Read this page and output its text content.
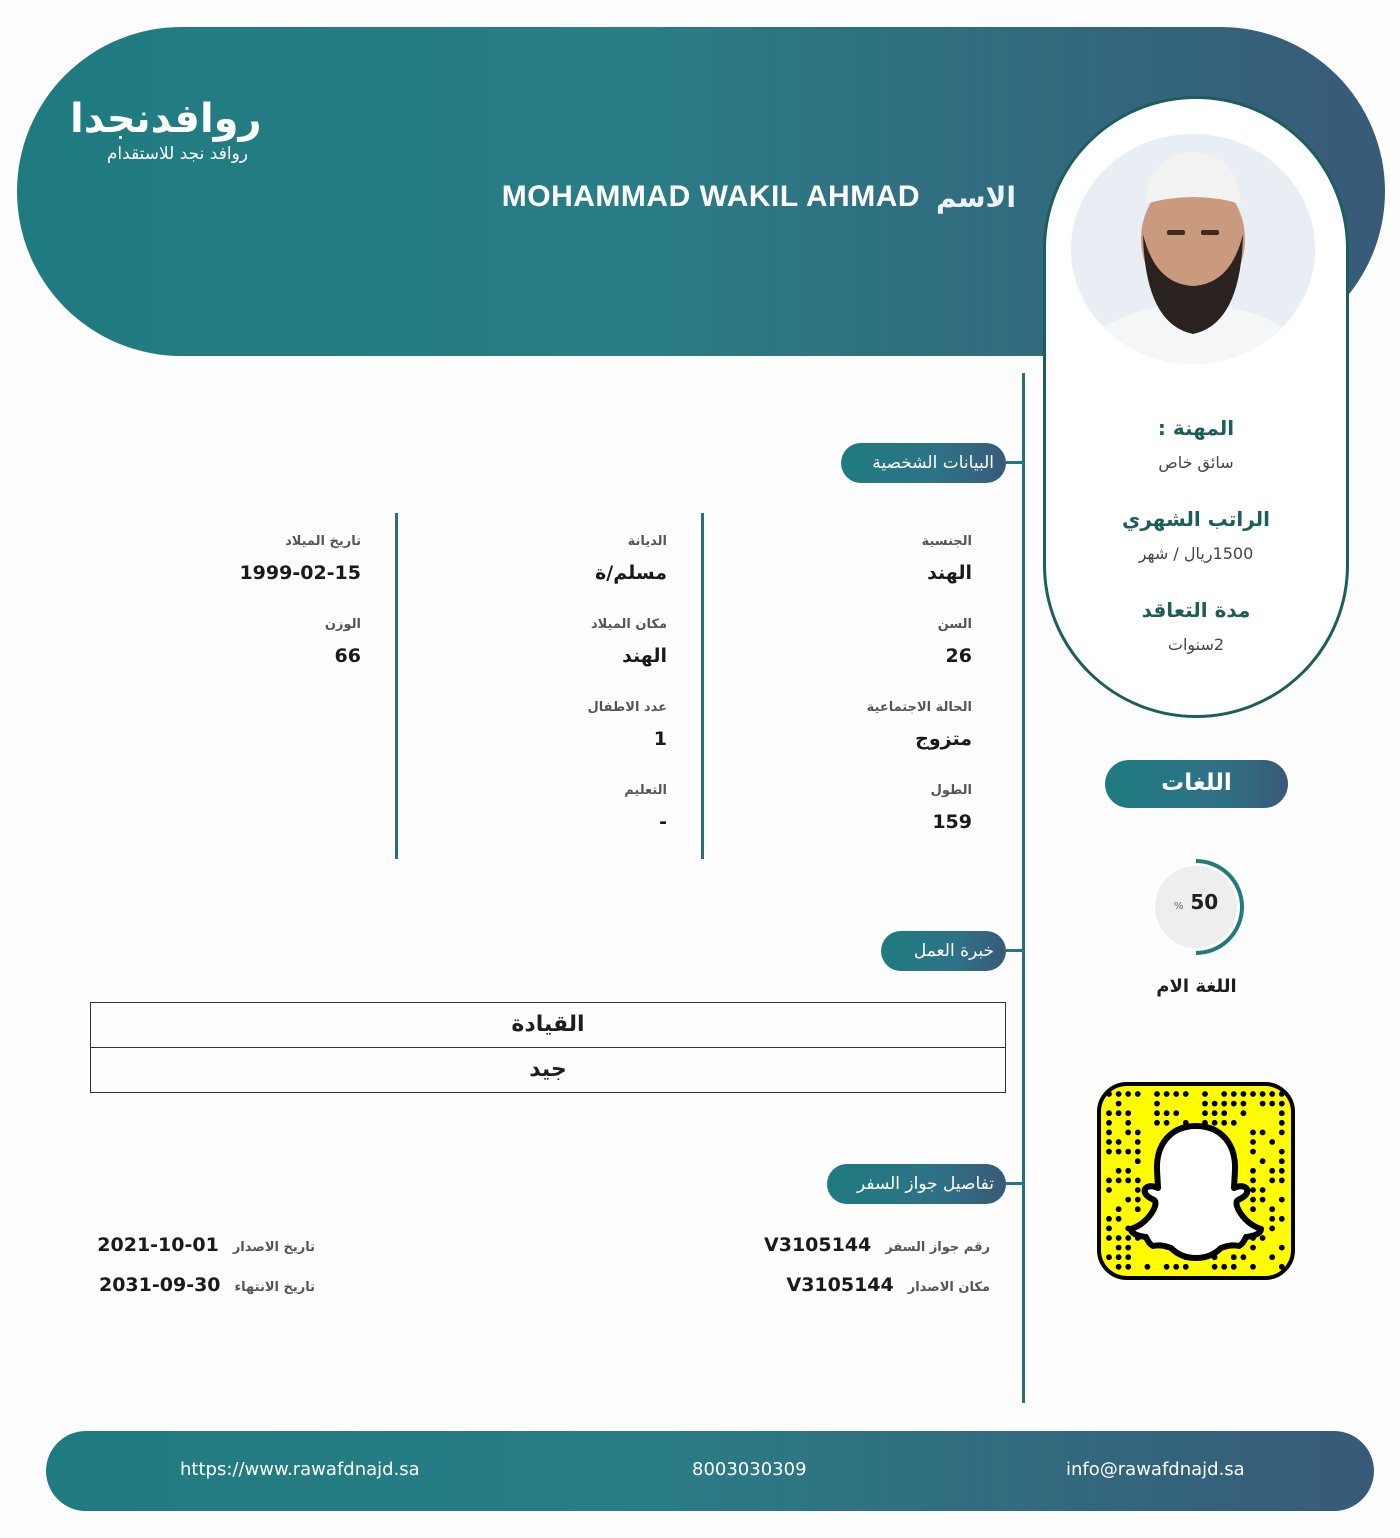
روافدنجدا
روافد نجد للاستقدام
الاسم
MOHAMMAD WAKIL AHMAD
المهنة :
سائق خاص
الراتب الشهري
1500ريال / شهر
مدة التعاقد
2سنوات
اللغات
% 50
اللغة الام
البيانات الشخصية
خبرة العمل
تفاصيل جواز السفر
الجنسية
الهند
السن
26
الحالة الاجتماعية
متزوج
الطول
159
الديانة
مسلم/ة
مكان الميلاد
الهند
عدد الاطفال
1
التعليم
-
تاريخ الميلاد
1999-02-15
الوزن
66
القيادة
جيد
رقم جواز السفر
V3105144
مكان الاصدار
V3105144
تاريخ الاصدار
2021-10-01
تاريخ الانتهاء
2031-09-30
https://www.rawafdnajd.sa	8003030309	info@rawafdnajd.sa
